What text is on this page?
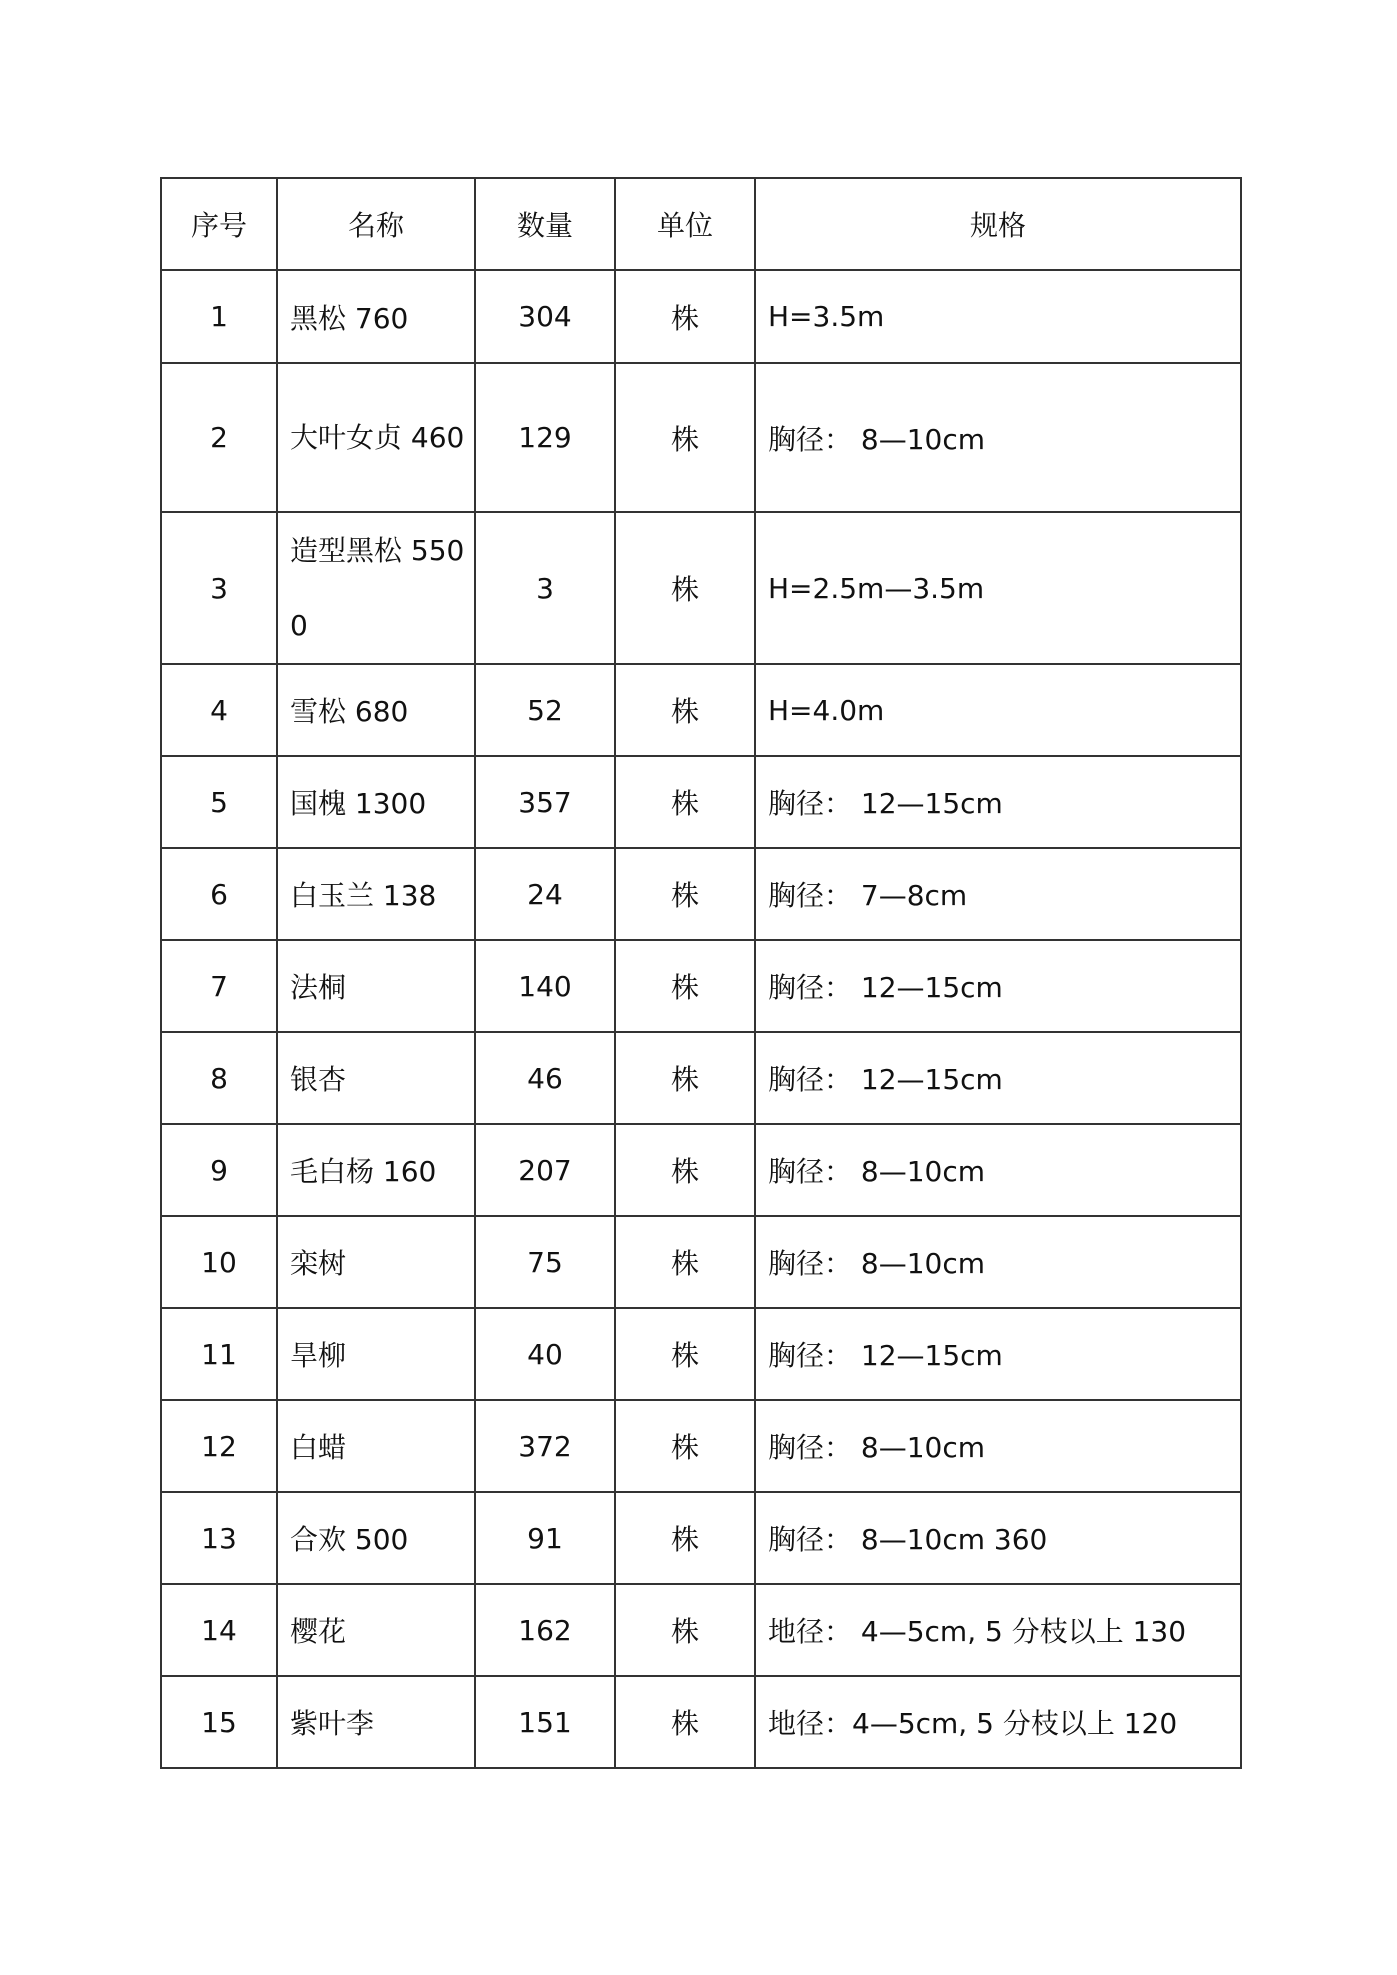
序号	名称	数量	单位	规格
1	黑松 760	304	株	H=3.5m
2	大叶女贞 460	129	株	胸径： 8—10cm
3	造型黑松 5500	3	株	H=2.5m—3.5m
4	雪松 680	52	株	H=4.0m
5	国槐 1300	357	株	胸径： 12—15cm
6	白玉兰 138	24	株	胸径： 7—8cm
7	法桐	140	株	胸径： 12—15cm
8	银杏	46	株	胸径： 12—15cm
9	毛白杨 160	207	株	胸径： 8—10cm
10	栾树	75	株	胸径： 8—10cm
11	旱柳	40	株	胸径： 12—15cm
12	白蜡	372	株	胸径： 8—10cm
13	合欢 500	91	株	胸径： 8—10cm 360
14	樱花	162	株	地径： 4—5cm, 5 分枝以上 130
15	紫叶李	151	株	地径：4—5cm, 5 分枝以上 120
